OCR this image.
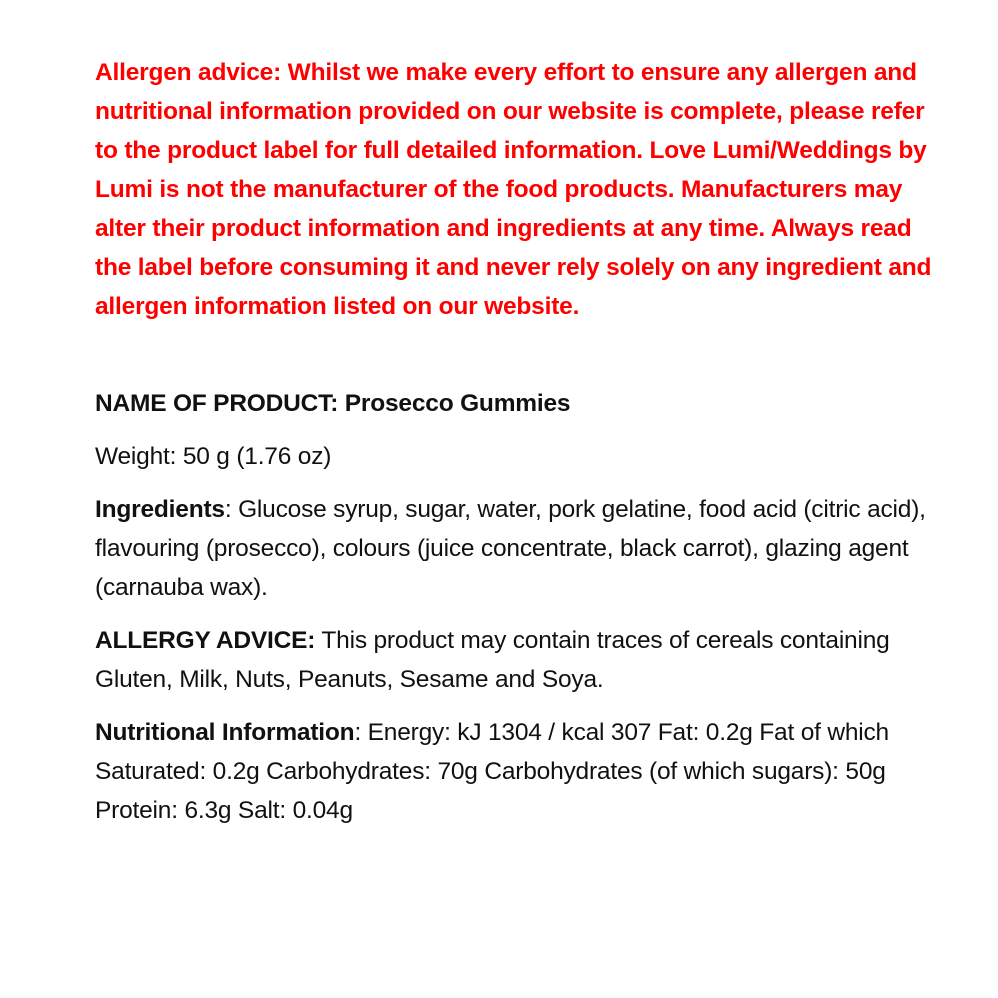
Allergen advice: Whilst we make every effort to ensure any allergen and nutritional information provided on our website is complete, please refer to the product label for full detailed information. Love Lumi/Weddings by Lumi is not the manufacturer of the food products. Manufacturers may alter their product information and ingredients at any time. Always read the label before consuming it and never rely solely on any ingredient and allergen information listed on our website.

NAME OF PRODUCT: Prosecco Gummies

Weight: 50 g (1.76 oz)

Ingredients: Glucose syrup, sugar, water, pork gelatine, food acid (citric acid), flavouring (prosecco), colours (juice concentrate, black carrot), glazing agent (carnauba wax).

ALLERGY ADVICE: This product may contain traces of cereals containing Gluten, Milk, Nuts, Peanuts, Sesame and Soya.

Nutritional Information: Energy: kJ 1304 / kcal 307 Fat: 0.2g Fat of which Saturated: 0.2g Carbohydrates: 70g Carbohydrates (of which sugars): 50g Protein: 6.3g Salt: 0.04g
